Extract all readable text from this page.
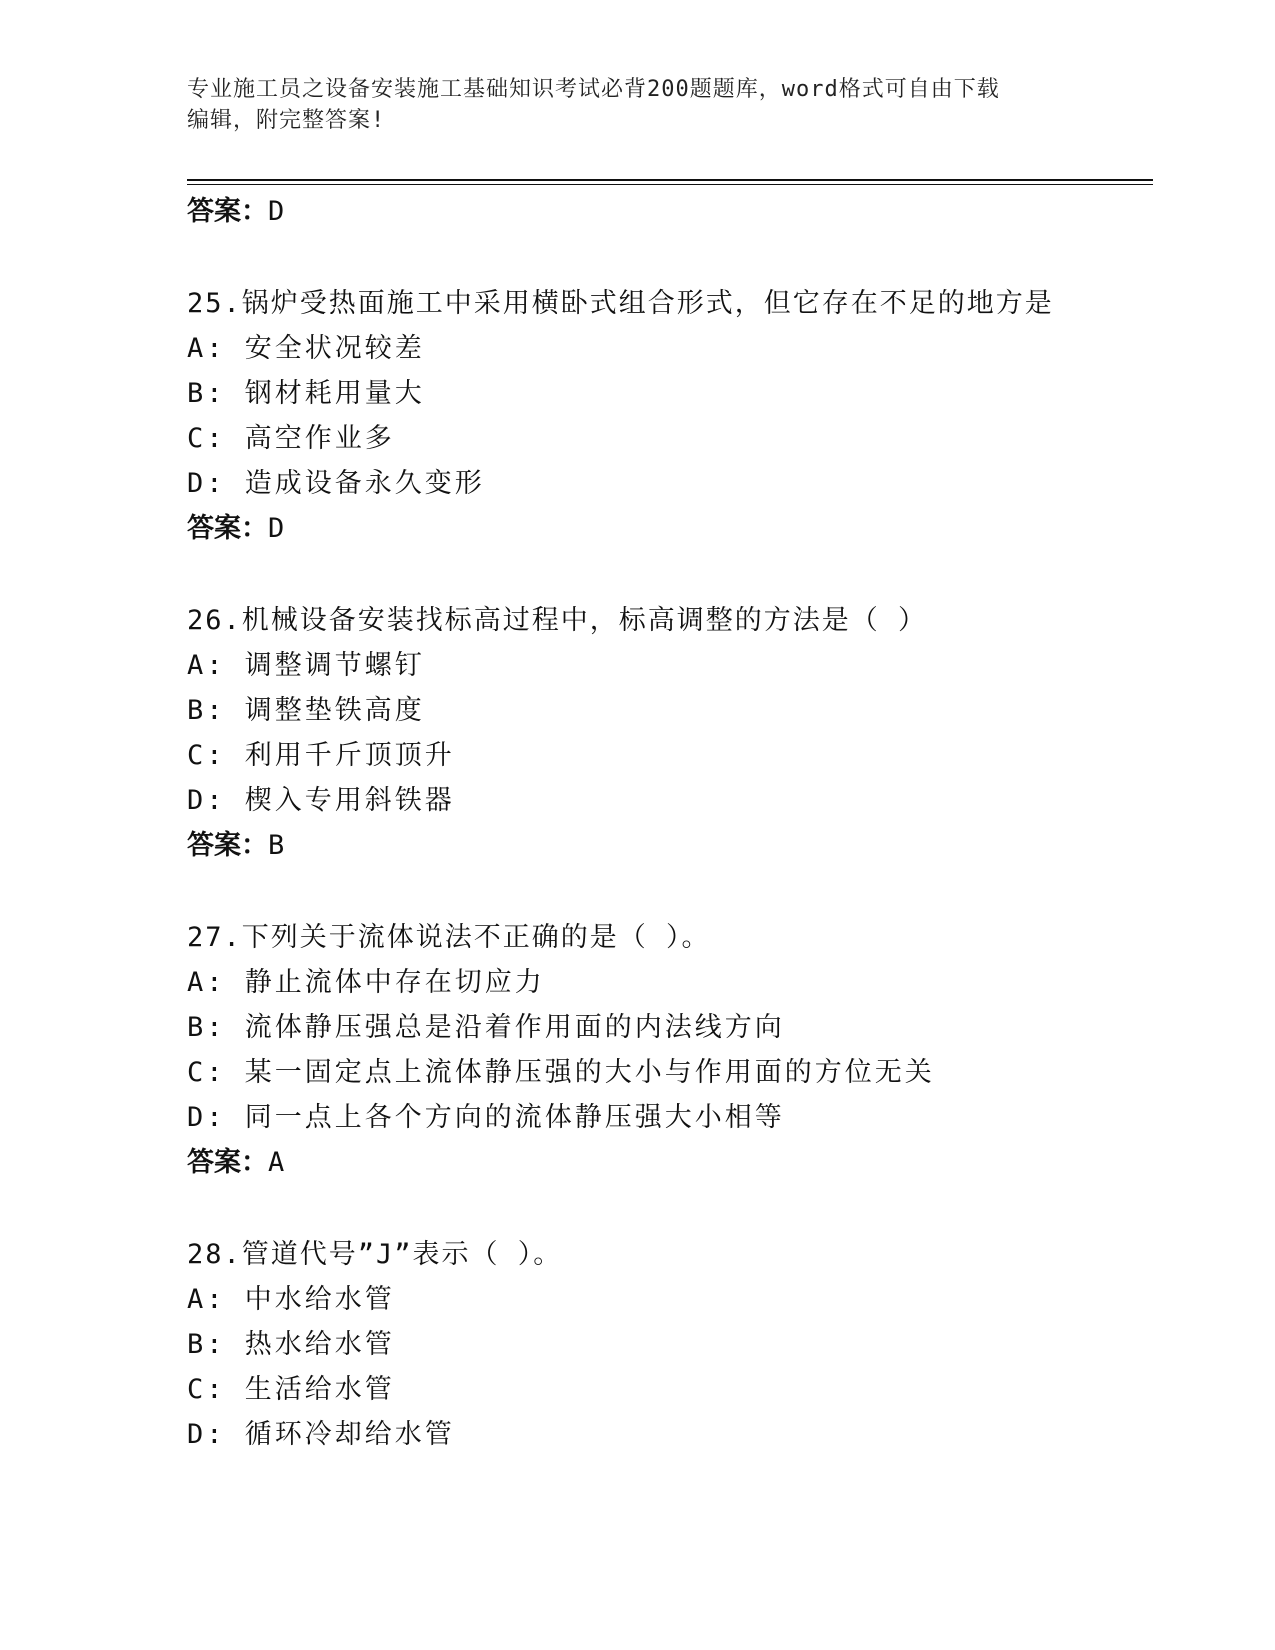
专业施工员之设备安装施工基础知识考试必背200题题库，word格式可自由下载
编辑，附完整答案!
答案：D
25.锅炉受热面施工中采用横卧式组合形式，但它存在不足的地方是
A: 安全状况较差
B: 钢材耗用量大
C: 高空作业多
D: 造成设备永久变形
答案：D
26.机械设备安装找标高过程中，标高调整的方法是（ ）
A: 调整调节螺钉
B: 调整垫铁高度
C: 利用千斤顶顶升
D: 楔入专用斜铁器
答案：B
27.下列关于流体说法不正确的是（ ）。
A: 静止流体中存在切应力
B: 流体静压强总是沿着作用面的内法线方向
C: 某一固定点上流体静压强的大小与作用面的方位无关
D: 同一点上各个方向的流体静压强大小相等
答案：A
28.管道代号”J”表示（ ）。
A: 中水给水管
B: 热水给水管
C: 生活给水管
D: 循环冷却给水管
